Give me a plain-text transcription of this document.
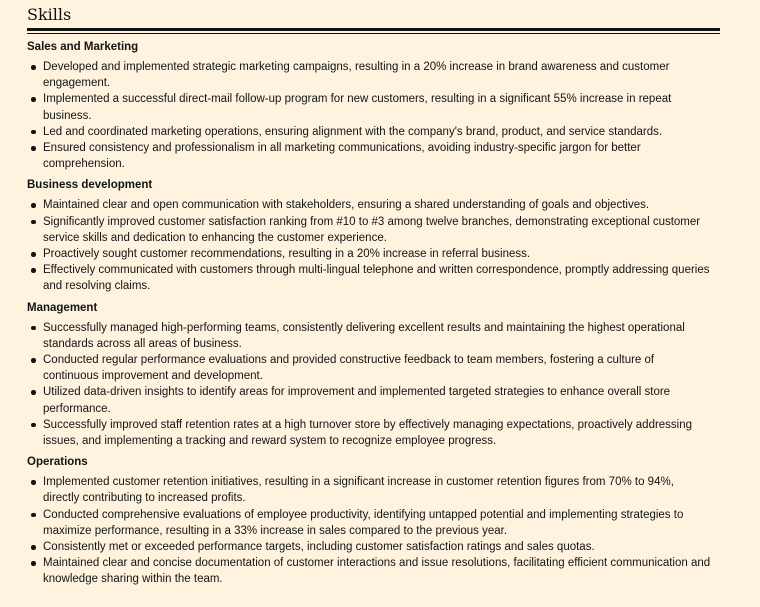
Skills
Sales and Marketing
Developed and implemented strategic marketing campaigns, resulting in a 20% increase in brand awareness and customer engagement.
Implemented a successful direct-mail follow-up program for new customers, resulting in a significant 55% increase in repeat business.
Led and coordinated marketing operations, ensuring alignment with the company's brand, product, and service standards.
Ensured consistency and professionalism in all marketing communications, avoiding industry-specific jargon for better comprehension.
Business development
Maintained clear and open communication with stakeholders, ensuring a shared understanding of goals and objectives.
Significantly improved customer satisfaction ranking from #10 to #3 among twelve branches, demonstrating exceptional customer service skills and dedication to enhancing the customer experience.
Proactively sought customer recommendations, resulting in a 20% increase in referral business.
Effectively communicated with customers through multi-lingual telephone and written correspondence, promptly addressing queries and resolving claims.
Management
Successfully managed high-performing teams, consistently delivering excellent results and maintaining the highest operational standards across all areas of business.
Conducted regular performance evaluations and provided constructive feedback to team members, fostering a culture of continuous improvement and development.
Utilized data-driven insights to identify areas for improvement and implemented targeted strategies to enhance overall store performance.
Successfully improved staff retention rates at a high turnover store by effectively managing expectations, proactively addressing issues, and implementing a tracking and reward system to recognize employee progress.
Operations
Implemented customer retention initiatives, resulting in a significant increase in customer retention figures from 70% to 94%, directly contributing to increased profits.
Conducted comprehensive evaluations of employee productivity, identifying untapped potential and implementing strategies to maximize performance, resulting in a 33% increase in sales compared to the previous year.
Consistently met or exceeded performance targets, including customer satisfaction ratings and sales quotas.
Maintained clear and concise documentation of customer interactions and issue resolutions, facilitating efficient communication and knowledge sharing within the team.
